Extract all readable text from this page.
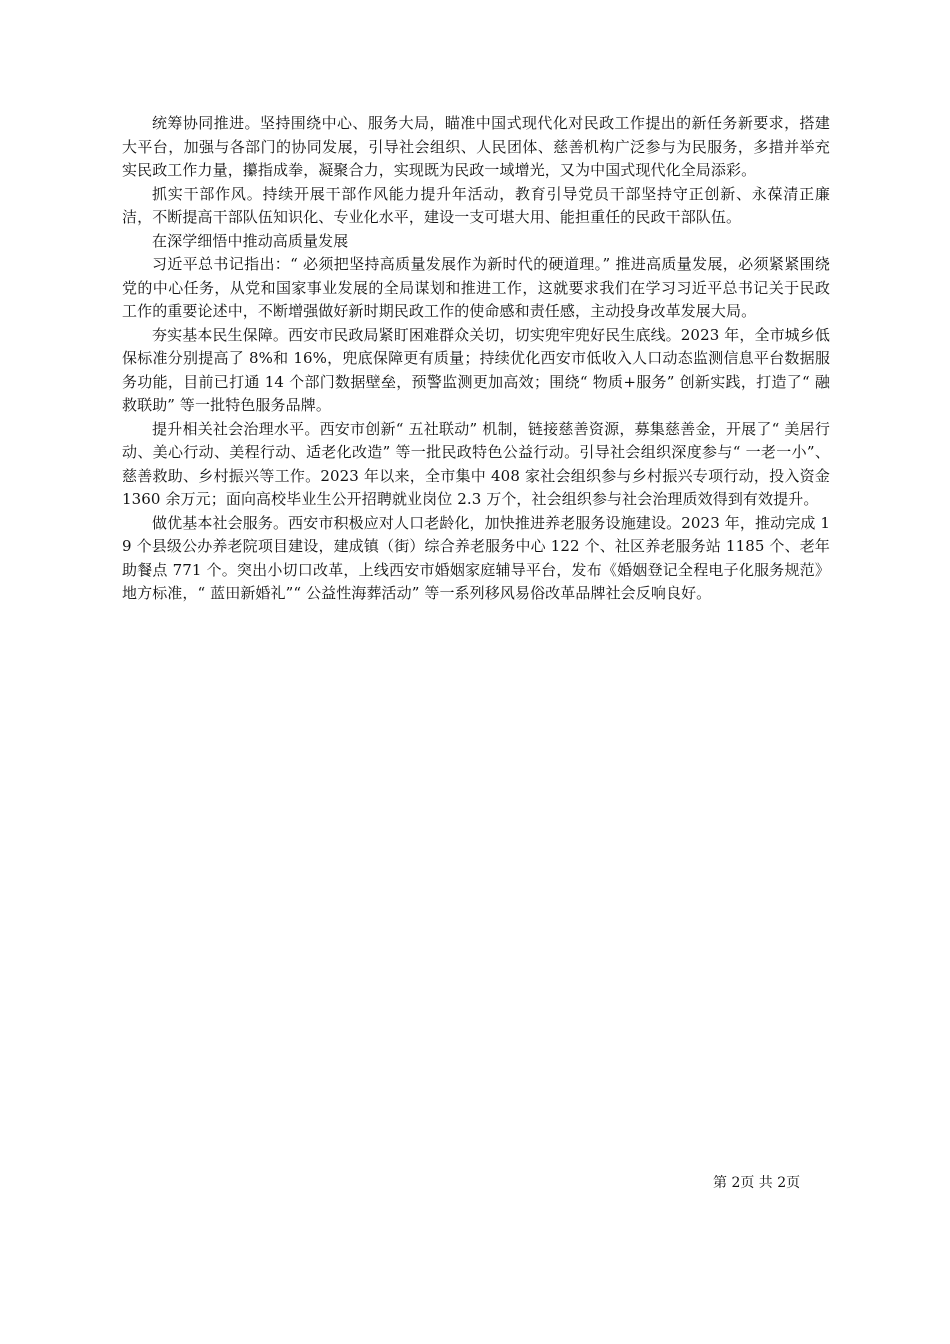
统筹协同推进。坚持围绕中心、服务大局，瞄准中国式现代化对民政工作提出的新任务新要求，搭建大平台，加强与各部门的协同发展，引导社会组织、人民团体、慈善机构广泛参与为民服务，多措并举充实民政工作力量，攥指成拳，凝聚合力，实现既为民政一域增光，又为中国式现代化全局添彩。

抓实干部作风。持续开展干部作风能力提升年活动，教育引导党员干部坚持守正创新、永葆清正廉洁，不断提高干部队伍知识化、专业化水平，建设一支可堪大用、能担重任的民政干部队伍。

在深学细悟中推动高质量发展

习近平总书记指出：“ 必须把坚持高质量发展作为新时代的硬道理。” 推进高质量发展，必须紧紧围绕党的中心任务，从党和国家事业发展的全局谋划和推进工作，这就要求我们在学习习近平总书记关于民政工作的重要论述中，不断增强做好新时期民政工作的使命感和责任感，主动投身改革发展大局。

夯实基本民生保障。西安市民政局紧盯困难群众关切，切实兜牢兜好民生底线。2023 年，全市城乡低保标准分别提高了 8%和 16%，兜底保障更有质量；持续优化西安市低收入人口动态监测信息平台数据服务功能，目前已打通 14 个部门数据壁垒，预警监测更加高效；围绕“ 物质+服务” 创新实践，打造了“ 融救联助” 等一批特色服务品牌。

提升相关社会治理水平。西安市创新“ 五社联动” 机制，链接慈善资源，募集慈善金，开展了“ 美居行动、美心行动、美程行动、适老化改造” 等一批民政特色公益行动。引导社会组织深度参与“ 一老一小”、慈善救助、乡村振兴等工作。2023 年以来，全市集中 408 家社会组织参与乡村振兴专项行动，投入资金 1360 余万元；面向高校毕业生公开招聘就业岗位 2.3 万个，社会组织参与社会治理质效得到有效提升。

做优基本社会服务。西安市积极应对人口老龄化，加快推进养老服务设施建设。2023 年，推动完成 19 个县级公办养老院项目建设，建成镇（街）综合养老服务中心 122 个、社区养老服务站 1185 个、老年助餐点 771 个。突出小切口改革，上线西安市婚姻家庭辅导平台，发布《婚姻登记全程电子化服务规范》地方标准，“ 蓝田新婚礼”“ 公益性海葬活动” 等一系列移风易俗改革品牌社会反响良好。

第 2页 共 2页
